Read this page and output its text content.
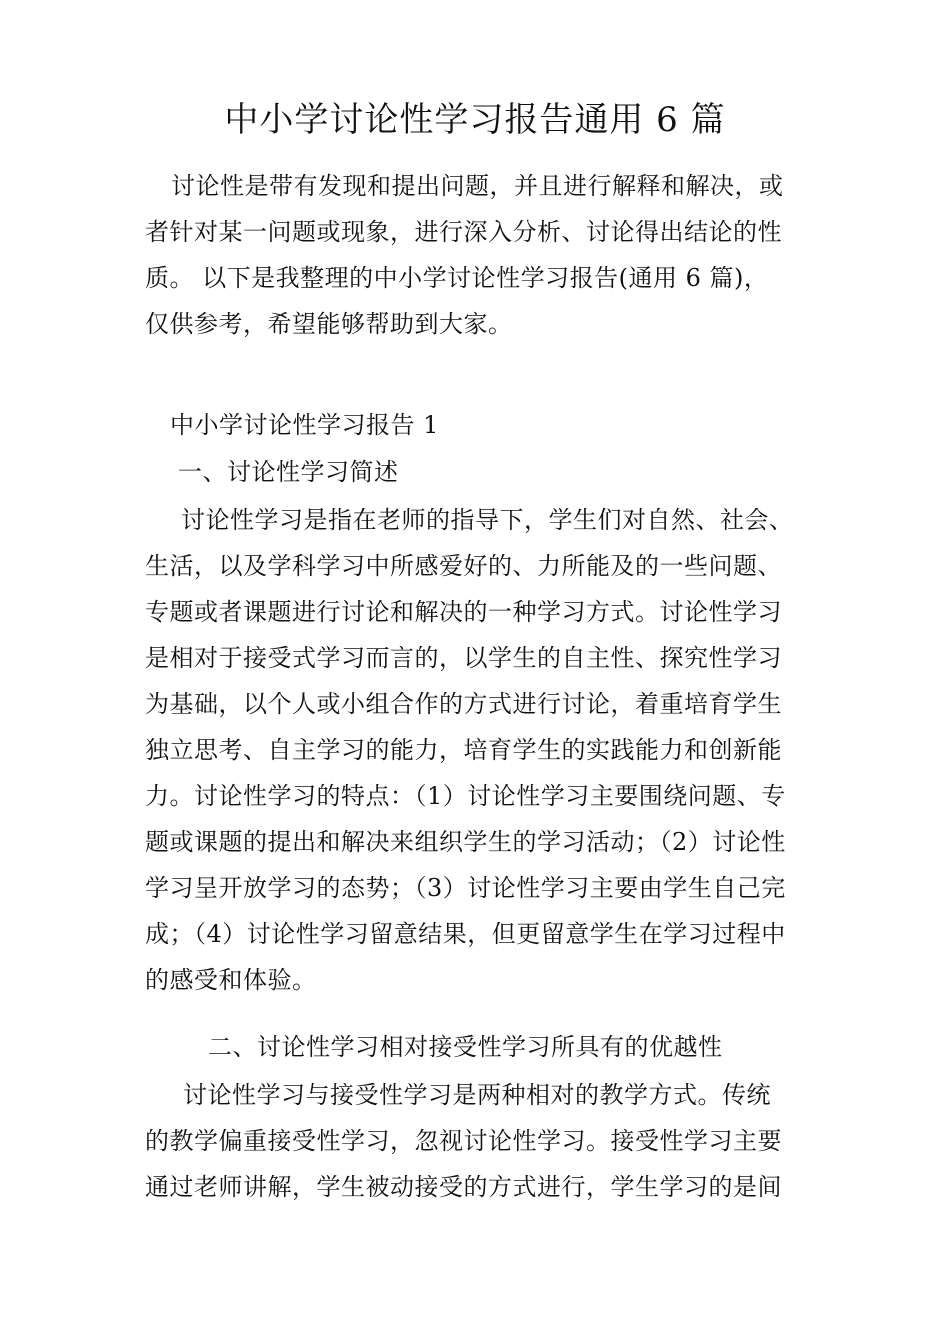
中小学讨论性学习报告通用 6 篇

讨论性是带有发现和提出问题，并且进行解释和解决，或
者针对某一问题或现象，进行深入分析、讨论得出结论的性
质。 以下是我整理的中小学讨论性学习报告(通用 6 篇)，
仅供参考，希望能够帮助到大家。

中小学讨论性学习报告 1
一、讨论性学习简述

讨论性学习是指在老师的指导下，学生们对自然、社会、
生活，以及学科学习中所感爱好的、力所能及的一些问题、
专题或者课题进行讨论和解决的一种学习方式。讨论性学习
是相对于接受式学习而言的，以学生的自主性、探究性学习
为基础，以个人或小组合作的方式进行讨论，着重培育学生
独立思考、自主学习的能力，培育学生的实践能力和创新能
力。讨论性学习的特点：（1）讨论性学习主要围绕问题、专
题或课题的提出和解决来组织学生的学习活动；（2）讨论性
学习呈开放学习的态势；（3）讨论性学习主要由学生自己完
成；（4）讨论性学习留意结果，但更留意学生在学习过程中
的感受和体验。

二、讨论性学习相对接受性学习所具有的优越性

讨论性学习与接受性学习是两种相对的教学方式。传统
的教学偏重接受性学习，忽视讨论性学习。接受性学习主要
通过老师讲解，学生被动接受的方式进行，学生学习的是间
